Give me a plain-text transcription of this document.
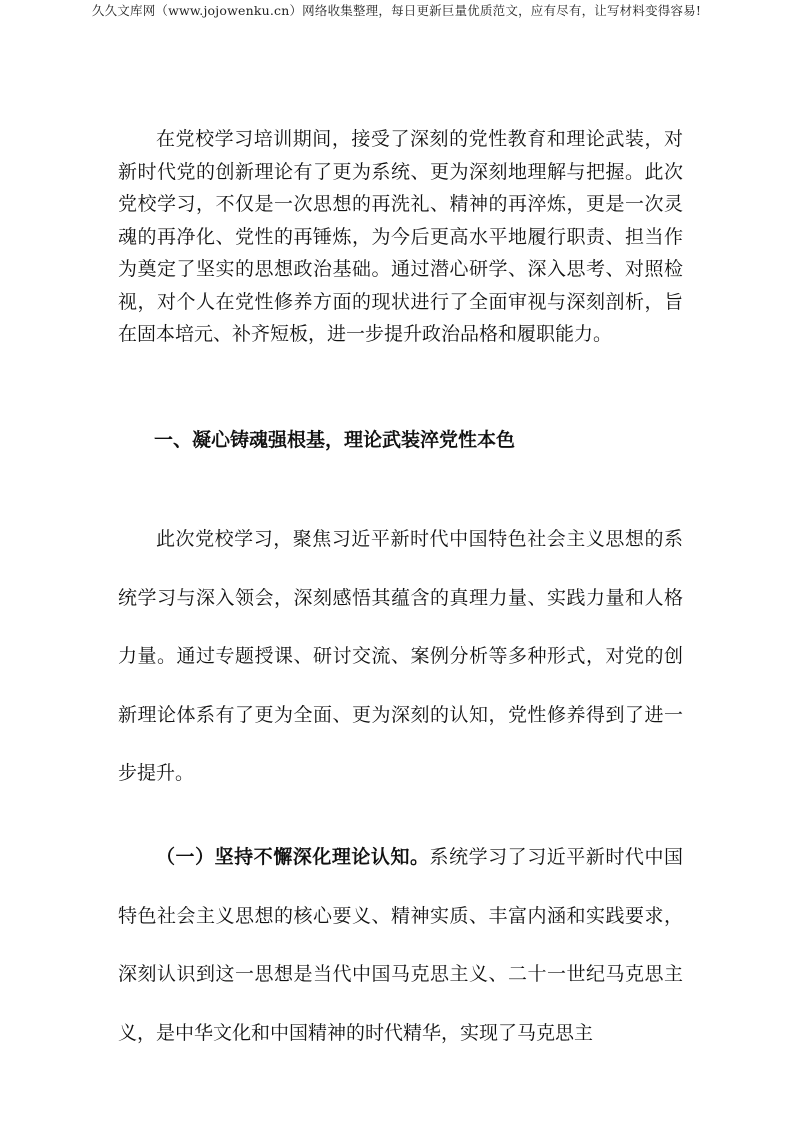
久久文库网（www.jojowenku.cn）网络收集整理，每日更新巨量优质范文，应有尽有，让写材料变得容易!

在党校学习培训期间，接受了深刻的党性教育和理论武装，对新时代党的创新理论有了更为系统、更为深刻地理解与把握。此次党校学习，不仅是一次思想的再洗礼、精神的再淬炼，更是一次灵魂的再净化、党性的再锤炼，为今后更高水平地履行职责、担当作为奠定了坚实的思想政治基础。通过潜心研学、深入思考、对照检视，对个人在党性修养方面的现状进行了全面审视与深刻剖析，旨在固本培元、补齐短板，进一步提升政治品格和履职能力。

一、凝心铸魂强根基，理论武装淬党性本色

此次党校学习，聚焦习近平新时代中国特色社会主义思想的系统学习与深入领会，深刻感悟其蕴含的真理力量、实践力量和人格力量。通过专题授课、研讨交流、案例分析等多种形式，对党的创新理论体系有了更为全面、更为深刻的认知，党性修养得到了进一步提升。

（一）坚持不懈深化理论认知。系统学习了习近平新时代中国特色社会主义思想的核心要义、精神实质、丰富内涵和实践要求，深刻认识到这一思想是当代中国马克思主义、二十一世纪马克思主义，是中华文化和中国精神的时代精华，实现了马克思主
